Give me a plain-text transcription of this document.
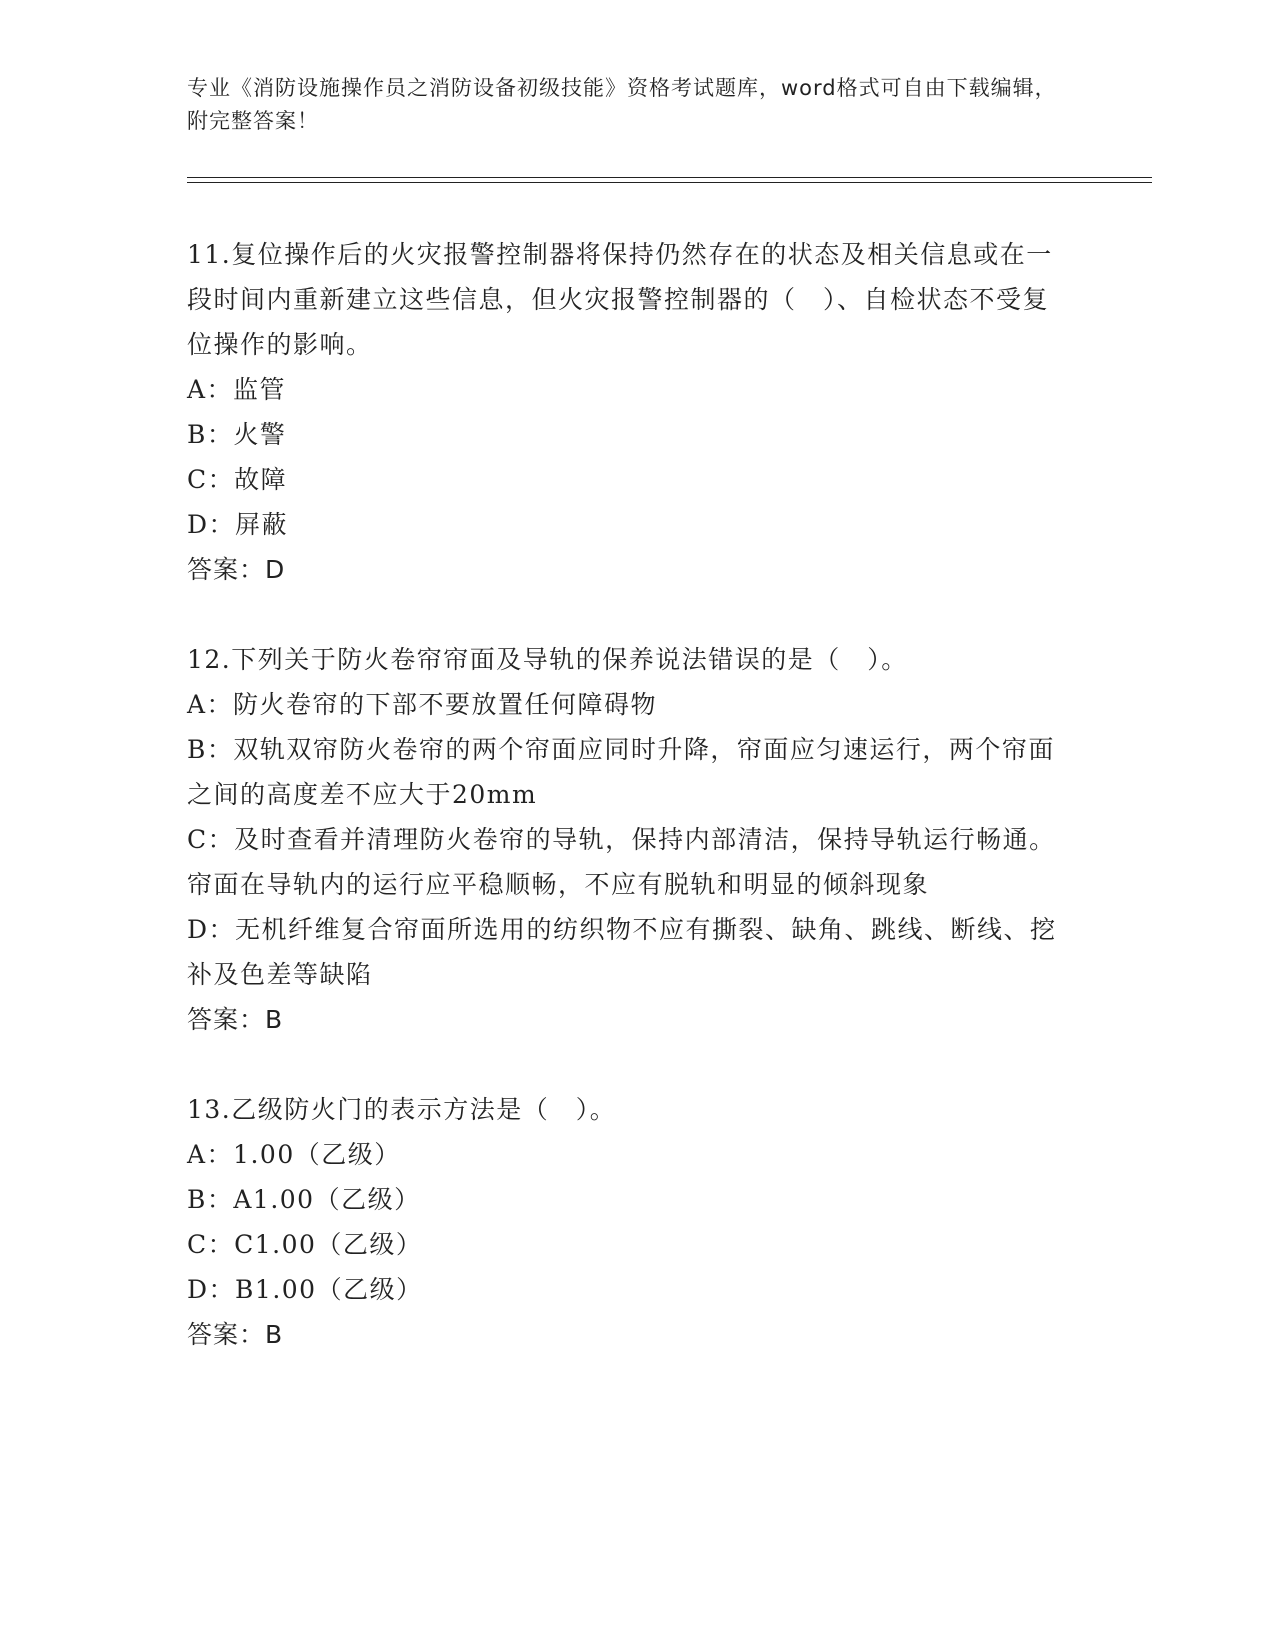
专业《消防设施操作员之消防设备初级技能》资格考试题库，word格式可自由下载编辑，附完整答案！

11.复位操作后的火灾报警控制器将保持仍然存在的状态及相关信息或在一段时间内重新建立这些信息，但火灾报警控制器的（　）、自检状态不受复位操作的影响。

A：监管

B：火警

C：故障

D：屏蔽

答案：D

12.下列关于防火卷帘帘面及导轨的保养说法错误的是（　）。

A：防火卷帘的下部不要放置任何障碍物

B：双轨双帘防火卷帘的两个帘面应同时升降，帘面应匀速运行，两个帘面之间的高度差不应大于20mm

C：及时查看并清理防火卷帘的导轨，保持内部清洁，保持导轨运行畅通。帘面在导轨内的运行应平稳顺畅，不应有脱轨和明显的倾斜现象

D：无机纤维复合帘面所选用的纺织物不应有撕裂、缺角、跳线、断线、挖补及色差等缺陷

答案：B

13.乙级防火门的表示方法是（　）。

A：1.00（乙级）

B：A1.00（乙级）

C：C1.00（乙级）

D：B1.00（乙级）

答案：B
